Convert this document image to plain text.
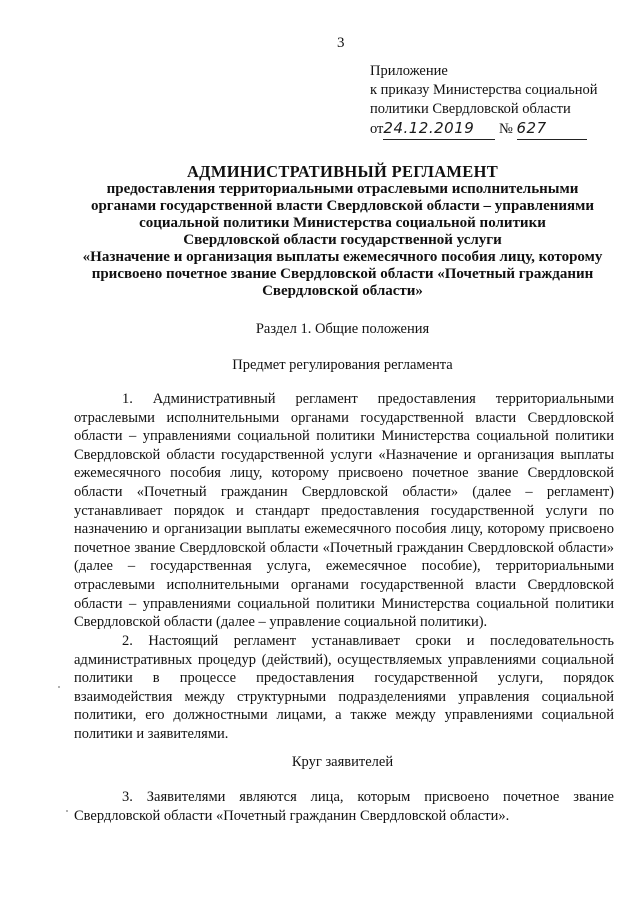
3
Приложение
к приказу Министерства социальной
политики Свердловской области
от24.12.2019 № 627
АДМИНИСТРАТИВНЫЙ РЕГЛАМЕНТ
предоставления территориальными отраслевыми исполнительными
органами государственной власти Свердловской области – управлениями
социальной политики Министерства социальной политики
Свердловской области государственной услуги
«Назначение и организация выплаты ежемесячного пособия лицу, которому
присвоено почетное звание Свердловской области «Почетный гражданин
Свердловской области»
Раздел 1. Общие положения
Предмет регулирования регламента
1. Административный регламент предоставления территориальными отраслевыми исполнительными органами государственной власти Свердловской области – управлениями социальной политики Министерства социальной политики Свердловской области государственной услуги «Назначение и организация выплаты ежемесячного пособия лицу, которому присвоено почетное звание Свердловской области «Почетный гражданин Свердловской области» (далее – регламент) устанавливает порядок и стандарт предоставления государственной услуги по назначению и организации выплаты ежемесячного пособия лицу, которому присвоено почетное звание Свердловской области «Почетный гражданин Свердловской области» (далее – государственная услуга, ежемесячное пособие), территориальными отраслевыми исполнительными органами государственной власти Свердловской области – управлениями социальной политики Министерства социальной политики Свердловской области (далее – управление социальной политики).
2. Настоящий регламент устанавливает сроки и последовательность административных процедур (действий), осуществляемых управлениями социальной политики в процессе предоставления государственной услуги, порядок взаимодействия между структурными подразделениями управления социальной политики, его должностными лицами, а также между управлениями социальной политики и заявителями.
Круг заявителей
3. Заявителями являются лица, которым присвоено почетное звание Свердловской области «Почетный гражданин Свердловской области».
